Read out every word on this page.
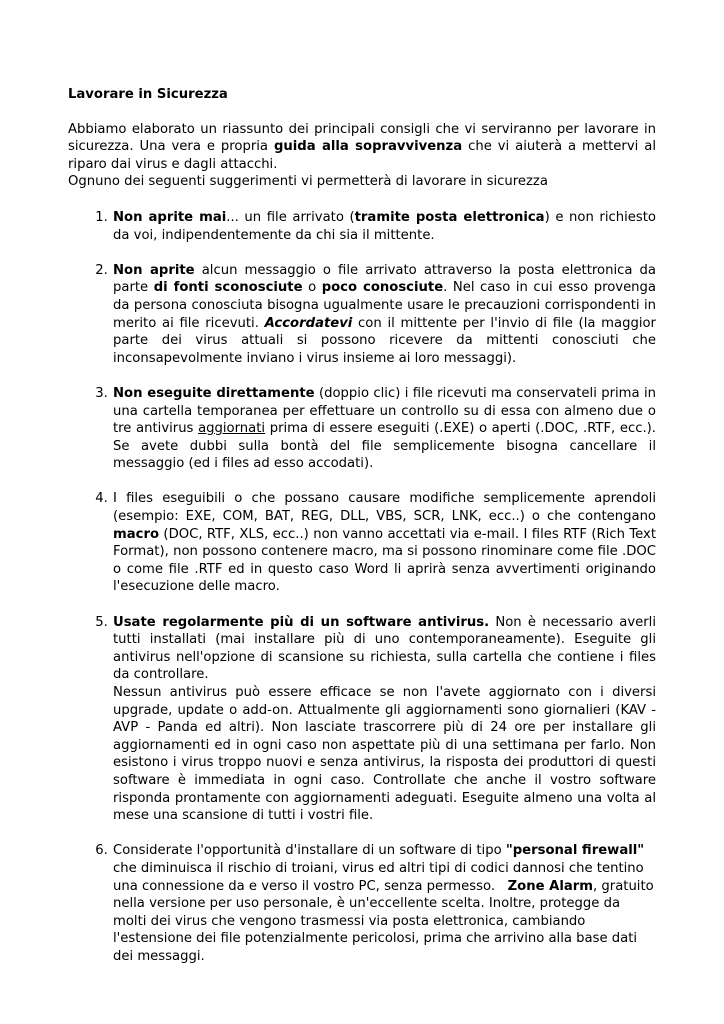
Lavorare in Sicurezza

Abbiamo elaborato un riassunto dei principali consigli che vi serviranno per lavorare in sicurezza. Una vera e propria guida alla sopravvivenza che vi aiuterà a mettervi al riparo dai virus e dagli attacchi.

Ognuno dei seguenti suggerimenti vi permetterà di lavorare in sicurezza

1. Non aprite mai... un file arrivato (tramite posta elettronica) e non richiesto da voi, indipendentemente da chi sia il mittente.
2. Non aprite alcun messaggio o file arrivato attraverso la posta elettronica da parte di fonti sconosciute o poco conosciute. Nel caso in cui esso provenga da persona conosciuta bisogna ugualmente usare le precauzioni corrispondenti in merito ai file ricevuti. Accordatevi con il mittente per l'invio di file (la maggior parte dei virus attuali si possono ricevere da mittenti conosciuti che inconsapevolmente inviano i virus insieme ai loro messaggi).
3. Non eseguite direttamente (doppio clic) i file ricevuti ma conservateli prima in una cartella temporanea per effettuare un controllo su di essa con almeno due o tre antivirus aggiornati prima di essere eseguiti (.EXE) o aperti (.DOC, .RTF, ecc.). Se avete dubbi sulla bontà del file semplicemente bisogna cancellare il messaggio (ed i files ad esso accodati).
4. I files eseguibili o che possano causare modifiche semplicemente aprendoli (esempio: EXE, COM, BAT, REG, DLL, VBS, SCR, LNK, ecc..) o che contengano macro (DOC, RTF, XLS, ecc..) non vanno accettati via e-mail. I files RTF (Rich Text Format), non possono contenere macro, ma si possono rinominare come file .DOC o come file .RTF ed in questo caso Word li aprirà senza avvertimenti originando l'esecuzione delle macro.
5. Usate regolarmente più di un software antivirus. Non è necessario averli tutti installati (mai installare più di uno contemporaneamente). Eseguite gli antivirus nell'opzione di scansione su richiesta, sulla cartella che contiene i files da controllare.
Nessun antivirus può essere efficace se non l'avete aggiornato con i diversi upgrade, update o add-on. Attualmente gli aggiornamenti sono giornalieri (KAV - AVP - Panda ed altri). Non lasciate trascorrere più di 24 ore per installare gli aggiornamenti ed in ogni caso non aspettate più di una settimana per farlo. Non esistono i virus troppo nuovi e senza antivirus, la risposta dei produttori di questi software è immediata in ogni caso. Controllate che anche il vostro software risponda prontamente con aggiornamenti adeguati. Eseguite almeno una volta al mese una scansione di tutti i vostri file.
6. Considerate l'opportunità d'installare di un software di tipo "personal firewall" che diminuisca il rischio di troiani, virus ed altri tipi di codici dannosi che tentino una connessione da e verso il vostro PC, senza permesso.   Zone Alarm, gratuito nella versione per uso personale, è un'eccellente scelta. Inoltre, protegge da molti dei virus che vengono trasmessi via posta elettronica, cambiando l'estensione dei file potenzialmente pericolosi, prima che arrivino alla base dati dei messaggi.
